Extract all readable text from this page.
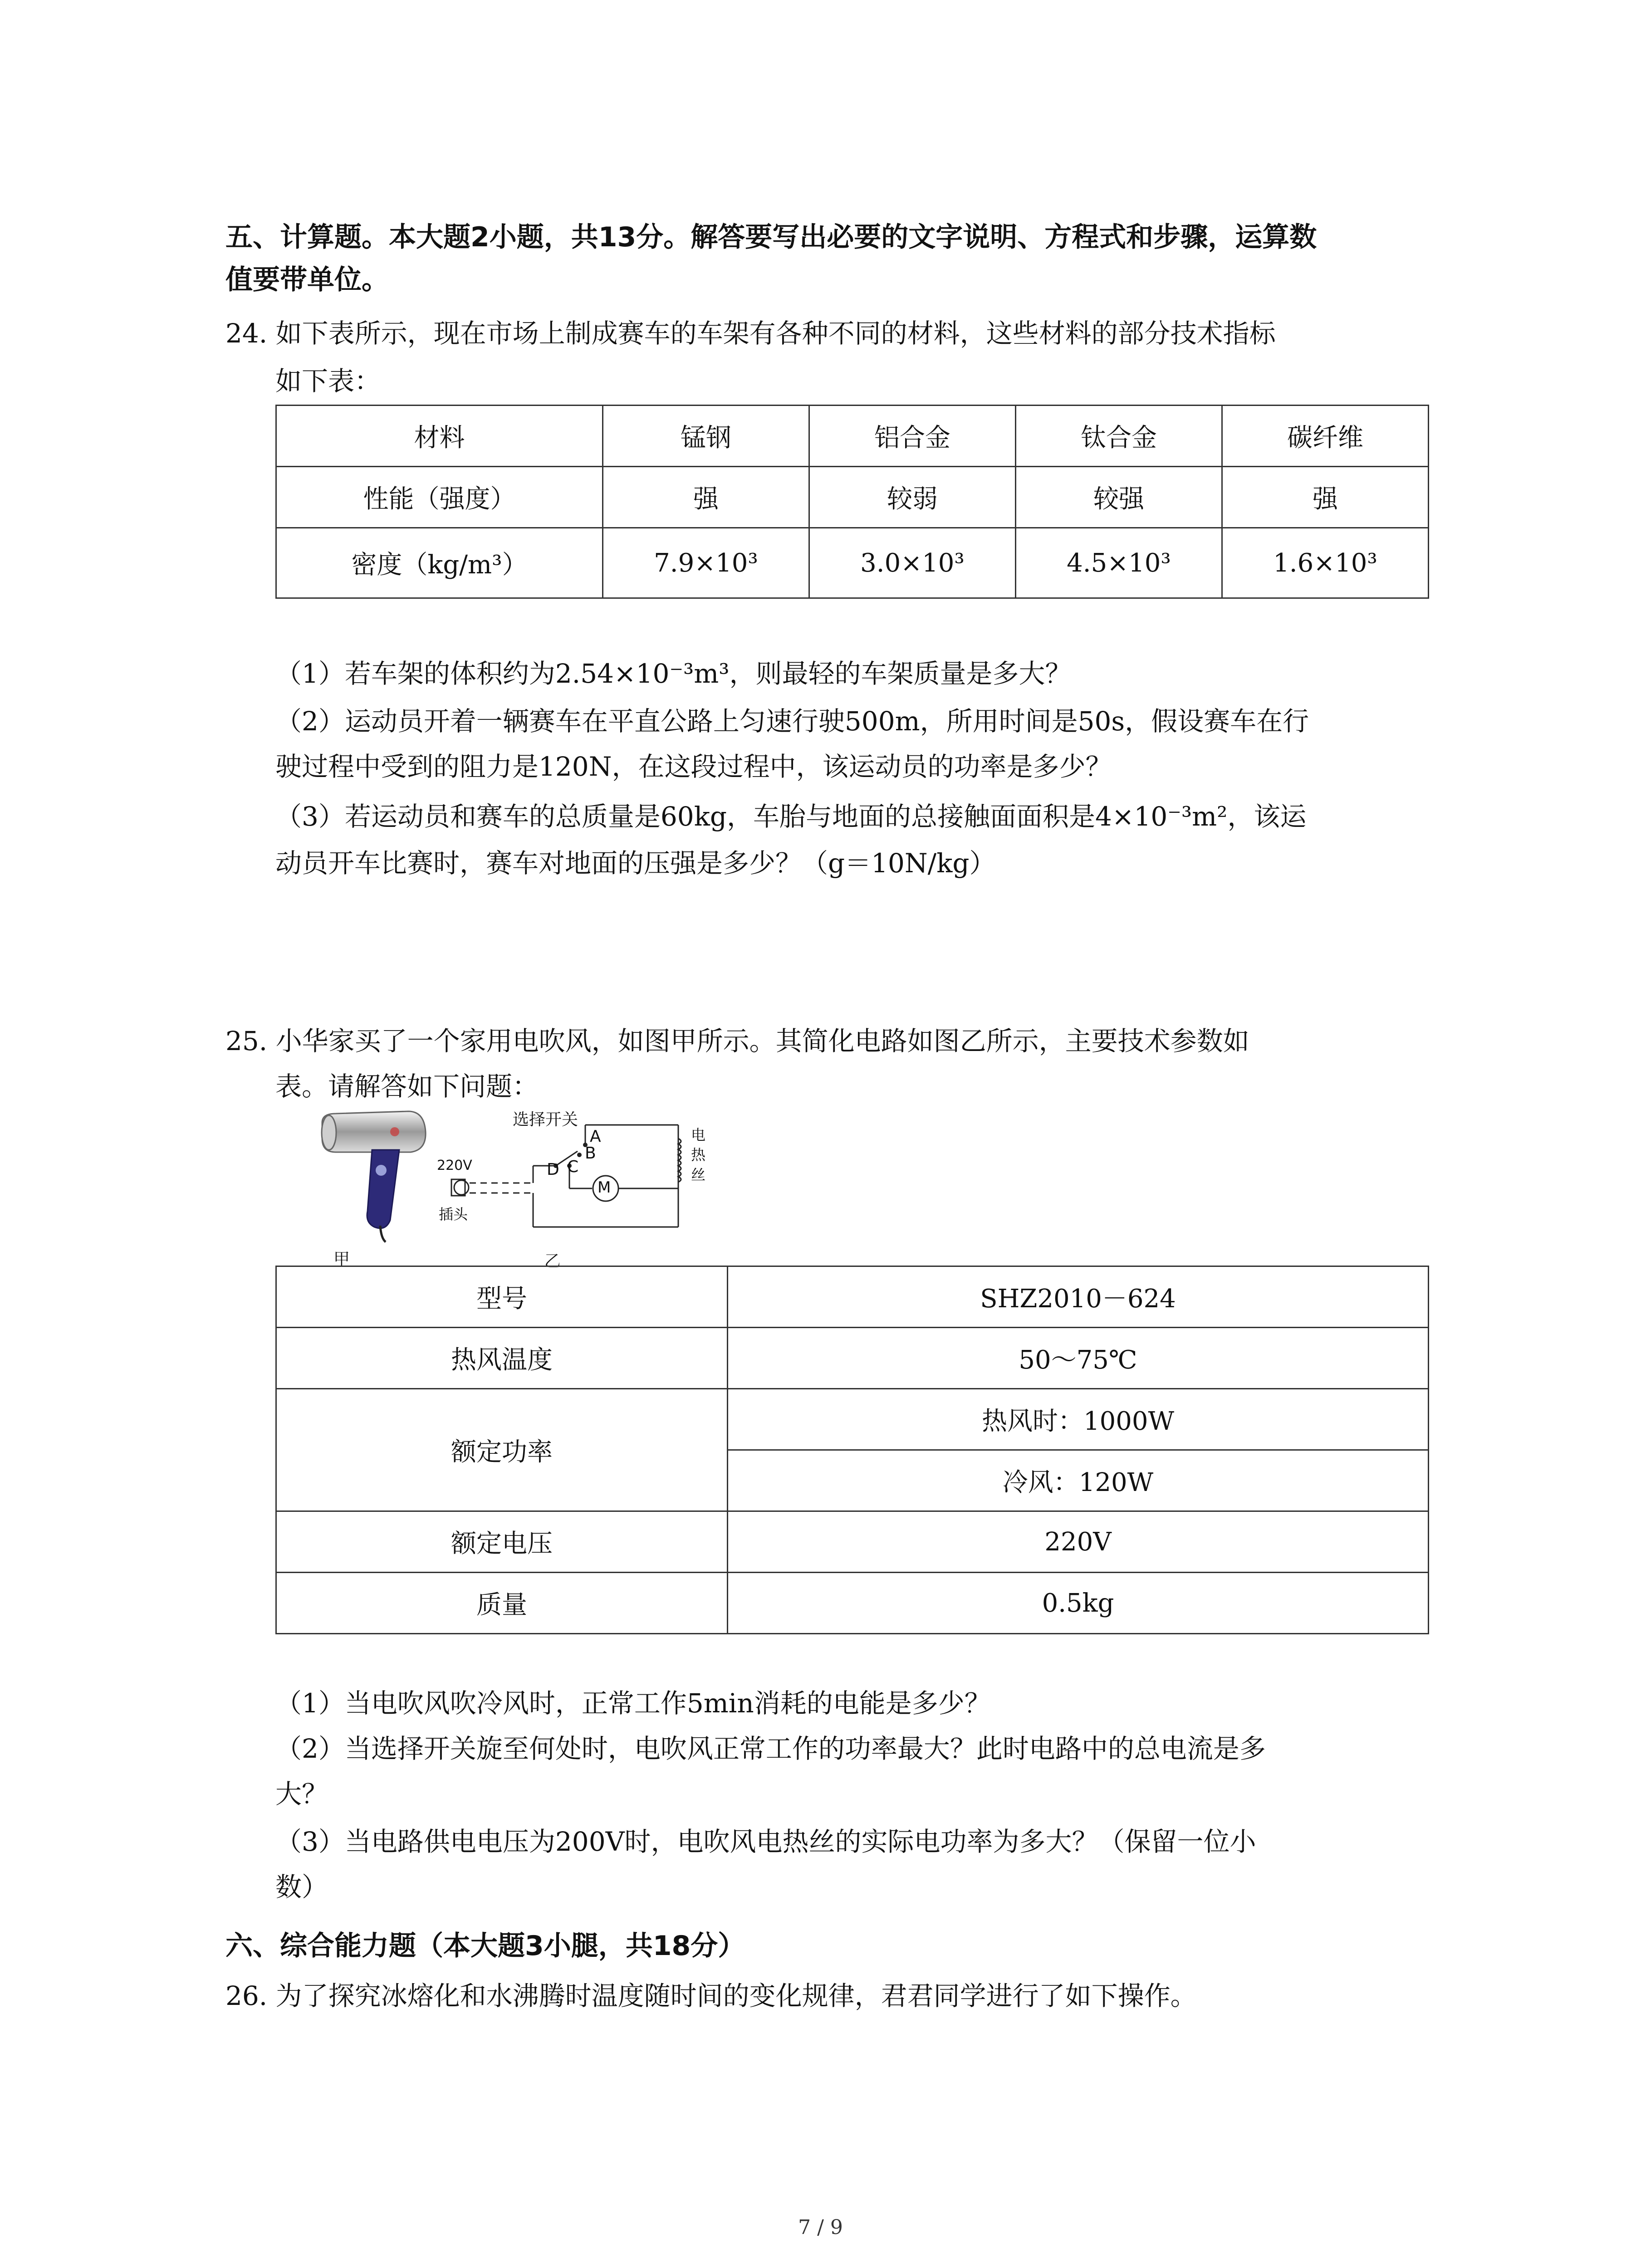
五、计算题。本大题2小题，共13分。解答要写出必要的文字说明、方程式和步骤，运算数
值要带单位。
24. 如下表所示，现在市场上制成赛车的车架有各种不同的材料，这些材料的部分技术指标
如下表：
材料	锰钢	铝合金	钛合金	碳纤维
性能（强度）	强	较弱	较强	强
密度（kg/m³）	7.9×10³	3.0×10³	4.5×10³	1.6×10³
（1）若车架的体积约为2.54×10⁻³m³，则最轻的车架质量是多大？
（2）运动员开着一辆赛车在平直公路上匀速行驶500m，所用时间是50s，假设赛车在行
驶过程中受到的阻力是120N，在这段过程中，该运动员的功率是多少？
（3）若运动员和赛车的总质量是60kg，车胎与地面的总接触面面积是4×10⁻³m²，该运
动员开车比赛时，赛车对地面的压强是多少？（g＝10N/kg）
25. 小华家买了一个家用电吹风，如图甲所示。其简化电路如图乙所示，主要技术参数如
表。请解答如下问题：
甲
选择开关
A
B
C
D
M
220V
插头
电热丝
乙
型号	SHZ2010－624
热风温度	50～75℃
额定功率	热风时：1000W
	冷风：120W
额定电压	220V
质量	0.5kg
（1）当电吹风吹冷风时，正常工作5min消耗的电能是多少？
（2）当选择开关旋至何处时，电吹风正常工作的功率最大？此时电路中的总电流是多
大？
（3）当电路供电电压为200V时，电吹风电热丝的实际电功率为多大？（保留一位小
数）
六、综合能力题（本大题3小腿，共18分）
26. 为了探究冰熔化和水沸腾时温度随时间的变化规律，君君同学进行了如下操作。
7 / 9
